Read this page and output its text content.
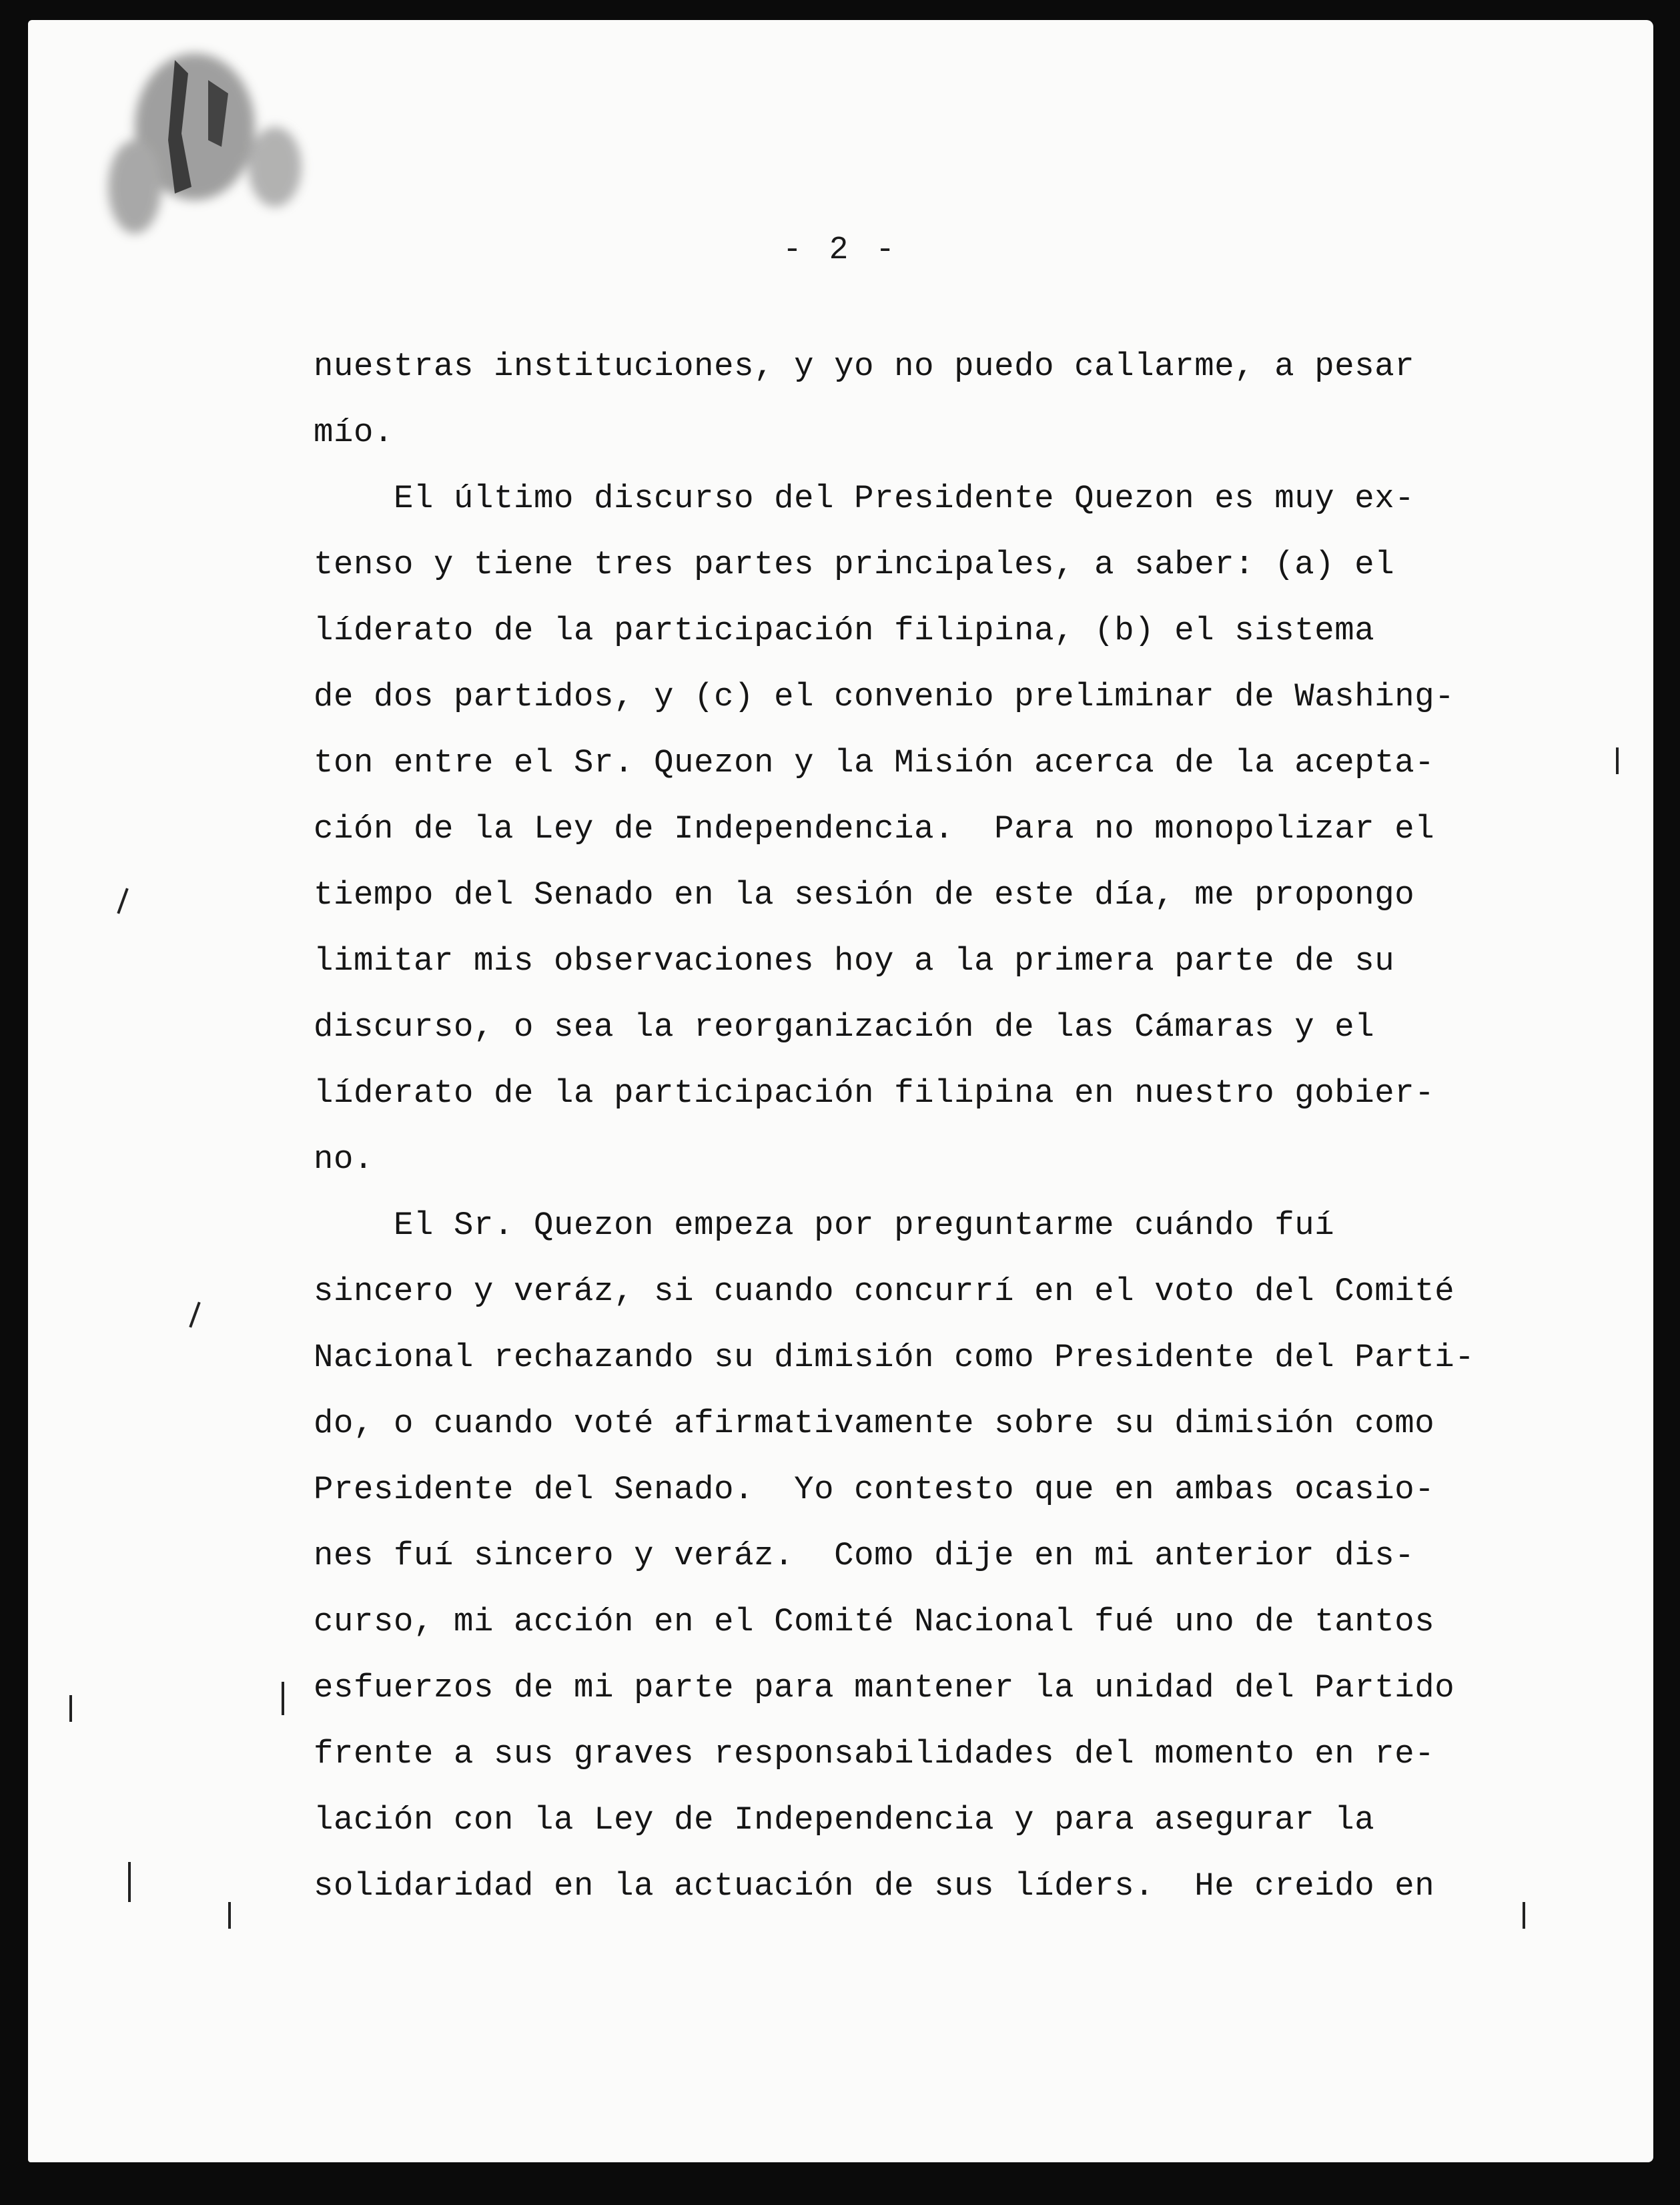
- 2 -
nuestras instituciones, y yo no puedo callarme, a pesar
mío.
El último discurso del Presidente Quezon es muy ex-
tenso y tiene tres partes principales, a saber: (a) el
líderato de la participación filipina, (b) el sistema
de dos partidos, y (c) el convenio preliminar de Washing-
ton entre el Sr. Quezon y la Misión acerca de la acepta-
ción de la Ley de Independencia.  Para no monopolizar el
tiempo del Senado en la sesión de este día, me propongo
limitar mis observaciones hoy a la primera parte de su
discurso, o sea la reorganización de las Cámaras y el
líderato de la participación filipina en nuestro gobier-
no.
El Sr. Quezon empeza por preguntarme cuándo fuí
sincero y veráz, si cuando concurrí en el voto del Comité
Nacional rechazando su dimisión como Presidente del Parti-
do, o cuando voté afirmativamente sobre su dimisión como
Presidente del Senado.  Yo contesto que en ambas ocasio-
nes fuí sincero y veráz.  Como dije en mi anterior dis-
curso, mi acción en el Comité Nacional fué uno de tantos
esfuerzos de mi parte para mantener la unidad del Partido
frente a sus graves responsabilidades del momento en re-
lación con la Ley de Independencia y para asegurar la
solidaridad en la actuación de sus líders.  He creido en
